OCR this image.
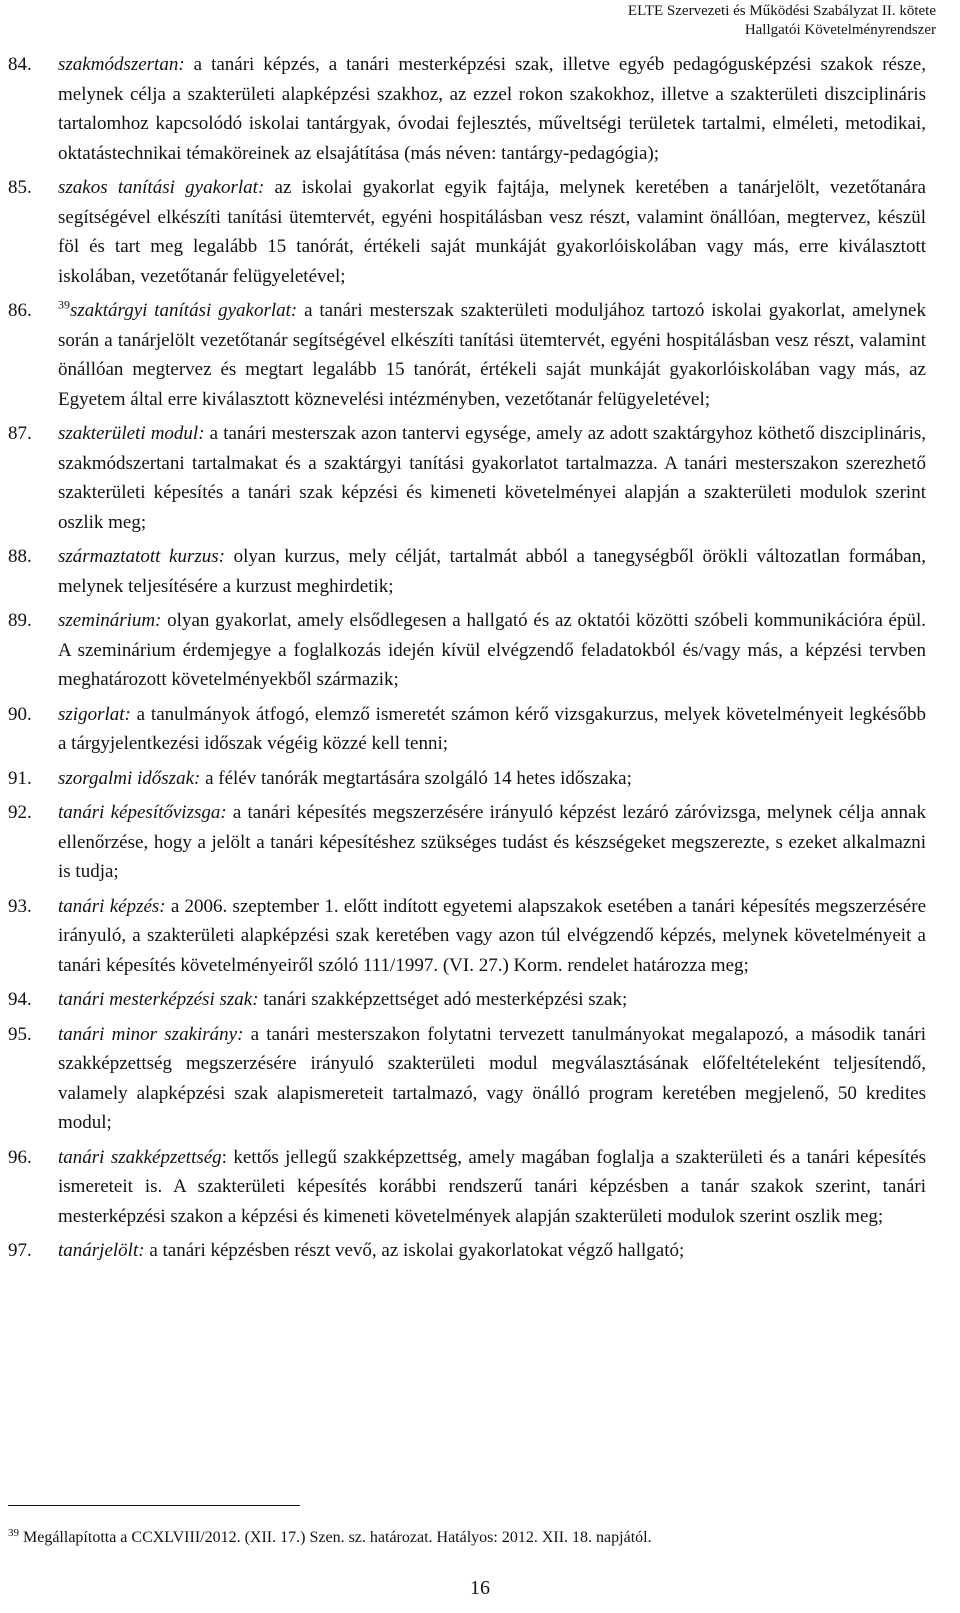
ELTE Szervezeti és Működési Szabályzat II. kötete
Hallgatói Követelményrendszer
84.	szakmódszertan: a tanári képzés, a tanári mesterképzési szak, illetve egyéb pedagógusképzési szakok része, melynek célja a szakterületi alapképzési szakhoz, az ezzel rokon szakokhoz, illetve a szakterületi diszciplináris tartalomhoz kapcsolódó iskolai tantárgyak, óvodai fejlesztés, műveltségi területek tartalmi, elméleti, metodikai, oktatástechnikai témaköreinek az elsajátítása (más néven: tantárgy-pedagógia);
85.	szakos tanítási gyakorlat: az iskolai gyakorlat egyik fajtája, melynek keretében a tanárjelölt, vezetőtanára segítségével elkészíti tanítási ütemtervét, egyéni hospitálásban vesz részt, valamint önállóan, megtervez, készül föl és tart meg legalább 15 tanórát, értékeli saját munkáját gyakorlóiskolában vagy más, erre kiválasztott iskolában, vezetőtanár felügyeletével;
86.	$^{39}$szaktárgyi tanítási gyakorlat: a tanári mesterszak szakterületi moduljához tartozó iskolai gyakorlat, amelynek során a tanárjelölt vezetőtanár segítségével elkészíti tanítási ütemtervét, egyéni hospitálásban vesz részt, valamint önállóan megtervez és megtart legalább 15 tanórát, értékeli saját munkáját gyakorlóiskolában vagy más, az Egyetem által erre kiválasztott köznevelési intézményben, vezetőtanár felügyeletével;
87.	szakterületi modul: a tanári mesterszak azon tantervi egysége, amely az adott szaktárgyhoz köthető diszciplináris, szakmódszertani tartalmakat és a szaktárgyi tanítási gyakorlatot tartalmazza. A tanári mesterszakon szerezhető szakterületi képesítés a tanári szak képzési és kimeneti követelményei alapján a szakterületi modulok szerint oszlik meg;
88.	származtatott kurzus: olyan kurzus, mely célját, tartalmát abból a tanegységből örökli változatlan formában, melynek teljesítésére a kurzust meghirdetik;
89.	szeminárium: olyan gyakorlat, amely elsődlegesen a hallgató és az oktatói közötti szóbeli kommunikációra épül. A szeminárium érdemjegye a foglalkozás idején kívül elvégzendő feladatokból és/vagy más, a képzési tervben meghatározott követelményekből származik;
90.	szigorlat: a tanulmányok átfogó, elemző ismeretét számon kérő vizsgakurzus, melyek követelményeit legkésőbb a tárgyjelentkezési időszak végéig közzé kell tenni;
91.	szorgalmi időszak: a félév tanórák megtartására szolgáló 14 hetes időszaka;
92.	tanári képesítővizsga: a tanári képesítés megszerzésére irányuló képzést lezáró záróvizsga, melynek célja annak ellenőrzése, hogy a jelölt a tanári képesítéshez szükséges tudást és készségeket megszerezte, s ezeket alkalmazni is tudja;
93.	tanári képzés: a 2006. szeptember 1. előtt indított egyetemi alapszakok esetében a tanári képesítés megszerzésére irányuló, a szakterületi alapképzési szak keretében vagy azon túl elvégzendő képzés, melynek követelményeit a tanári képesítés követelményeiről szóló 111/1997. (VI. 27.) Korm. rendelet határozza meg;
94.	tanári mesterképzési szak: tanári szakképzettséget adó mesterképzési szak;
95.	tanári minor szakirány: a tanári mesterszakon folytatni tervezett tanulmányokat megalapozó, a második tanári szakképzettség megszerzésére irányuló szakterületi modul megválasztásának előfeltételeként teljesítendő, valamely alapképzési szak alapismereteit tartalmazó, vagy önálló program keretében megjelenő, 50 kredites modul;
96.	tanári szakképzettség: kettős jellegű szakképzettség, amely magában foglalja a szakterületi és a tanári képesítés ismereteit is. A szakterületi képesítés korábbi rendszerű tanári képzésben a tanár szakok szerint, tanári mesterképzési szakon a képzési és kimeneti követelmények alapján szakterületi modulok szerint oszlik meg;
97.	tanárjelölt: a tanári képzésben részt vevő, az iskolai gyakorlatokat végző hallgató;
$^{39}$ Megállapította a CCXLVIII/2012. (XII. 17.) Szen. sz. határozat. Hatályos: 2012. XII. 18. napjától.
16
